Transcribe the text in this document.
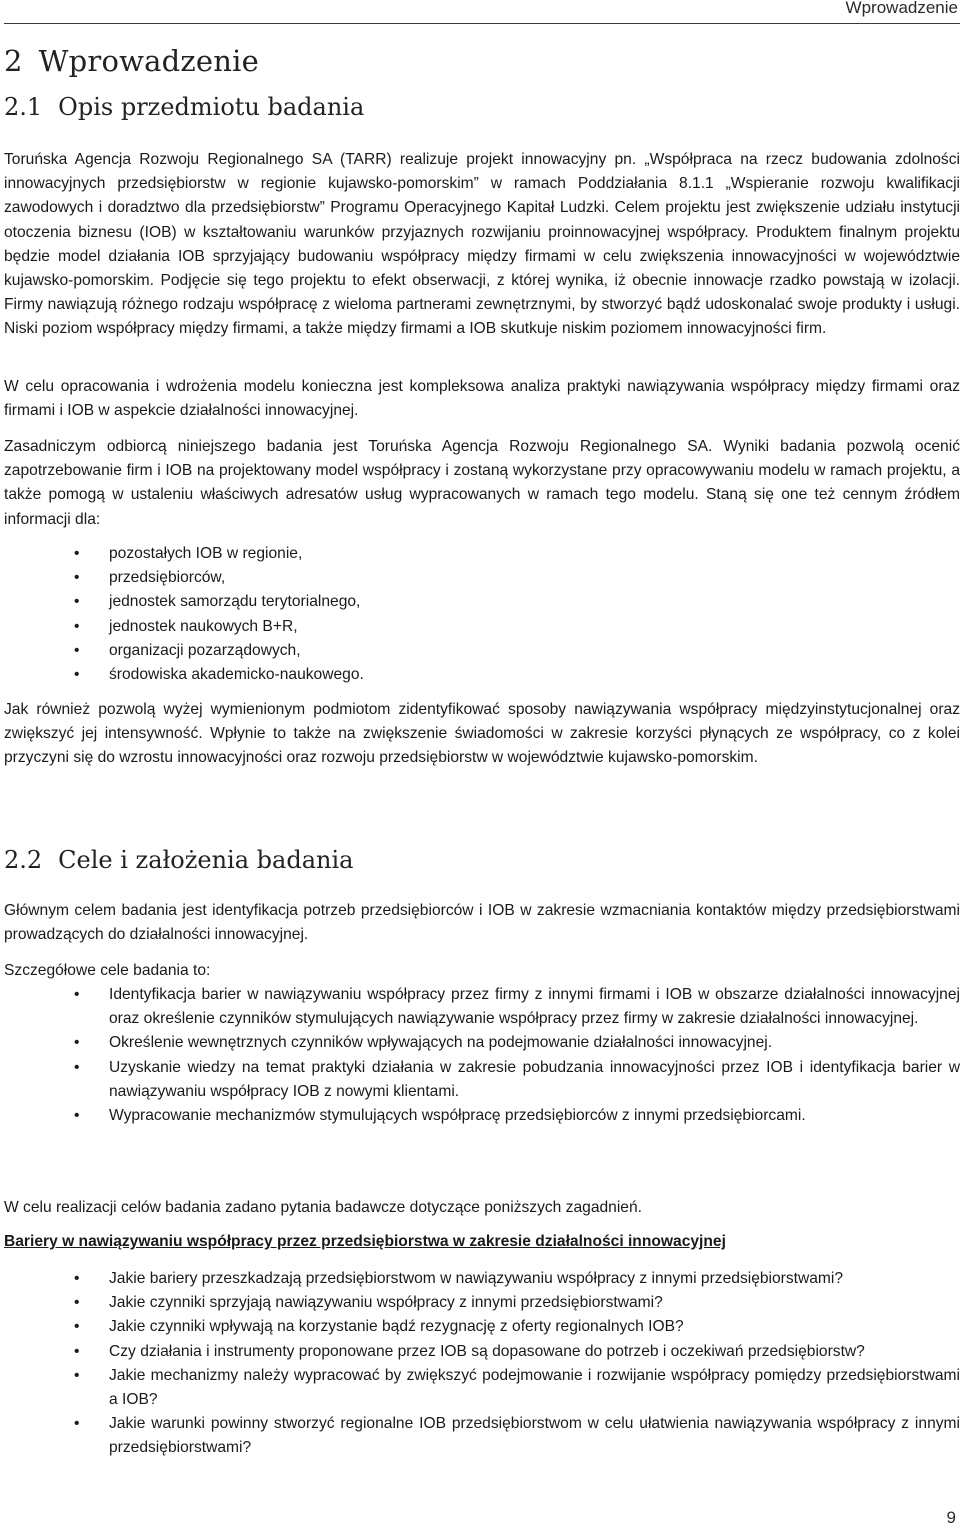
Wprowadzenie
2 Wprowadzenie
2.1 Opis przedmiotu badania

Toruńska Agencja Rozwoju Regionalnego SA (TARR) realizuje projekt innowacyjny pn. „Współpraca na rzecz budowania zdolności innowacyjnych przedsiębiorstw w regionie kujawsko-pomorskim” w ramach Poddziałania 8.1.1 „Wspieranie rozwoju kwalifikacji zawodowych i doradztwo dla przedsiębiorstw” Programu Operacyjnego Kapitał Ludzki. Celem projektu jest zwiększenie udziału instytucji otoczenia biznesu (IOB) w kształtowaniu warunków przyjaznych rozwijaniu proinnowacyjnej współpracy. Produktem finalnym projektu będzie model działania IOB sprzyjający budowaniu współpracy między firmami w celu zwiększenia innowacyjności w województwie kujawsko-pomorskim. Podjęcie się tego projektu to efekt obserwacji, z której wynika, iż obecnie innowacje rzadko powstają w izolacji. Firmy nawiązują różnego rodzaju współpracę z wieloma partnerami zewnętrznymi, by stworzyć bądź udoskonalać swoje produkty i usługi. Niski poziom współpracy między firmami, a także między firmami a IOB skutkuje niskim poziomem innowacyjności firm.

W celu opracowania i wdrożenia modelu konieczna jest kompleksowa analiza praktyki nawiązywania współpracy między firmami oraz firmami i IOB w aspekcie działalności innowacyjnej.

Zasadniczym odbiorcą niniejszego badania jest Toruńska Agencja Rozwoju Regionalnego SA. Wyniki badania pozwolą ocenić zapotrzebowanie firm i IOB na projektowany model współpracy i zostaną wykorzystane przy opracowywaniu modelu w ramach projektu, a także pomogą w ustaleniu właściwych adresatów usług wypracowanych w ramach tego modelu. Staną się one też cennym źródłem informacji dla:

• pozostałych IOB w regionie,
• przedsiębiorców,
• jednostek samorządu terytorialnego,
• jednostek naukowych B+R,
• organizacji pozarządowych,
• środowiska akademicko-naukowego.

Jak również pozwolą wyżej wymienionym podmiotom zidentyfikować sposoby nawiązywania współpracy międzyinstytucjonalnej oraz zwiększyć jej intensywność. Wpłynie to także na zwiększenie świadomości w zakresie korzyści płynących ze współpracy, co z kolei przyczyni się do wzrostu innowacyjności oraz rozwoju przedsiębiorstw w województwie kujawsko-pomorskim.

2.2 Cele i założenia badania

Głównym celem badania jest identyfikacja potrzeb przedsiębiorców i IOB w zakresie wzmacniania kontaktów między przedsiębiorstwami prowadzących do działalności innowacyjnej.

Szczegółowe cele badania to:

• Identyfikacja barier w nawiązywaniu współpracy przez firmy z innymi firmami i IOB w obszarze działalności innowacyjnej oraz określenie czynników stymulujących nawiązywanie współpracy przez firmy w zakresie działalności innowacyjnej.
• Określenie wewnętrznych czynników wpływających na podejmowanie działalności innowacyjnej.
• Uzyskanie wiedzy na temat praktyki działania w zakresie pobudzania innowacyjności przez IOB i identyfikacja barier w nawiązywaniu współpracy IOB z nowymi klientami.
• Wypracowanie mechanizmów stymulujących współpracę przedsiębiorców z innymi przedsiębiorcami.

W celu realizacji celów badania zadano pytania badawcze dotyczące poniższych zagadnień.

Bariery w nawiązywaniu współpracy przez przedsiębiorstwa w zakresie działalności innowacyjnej

• Jakie bariery przeszkadzają przedsiębiorstwom w nawiązywaniu współpracy z innymi przedsiębiorstwami?
• Jakie czynniki sprzyjają nawiązywaniu współpracy z innymi przedsiębiorstwami?
• Jakie czynniki wpływają na korzystanie bądź rezygnację z oferty regionalnych IOB?
• Czy działania i instrumenty proponowane przez IOB są dopasowane do potrzeb i oczekiwań przedsiębiorstw?
• Jakie mechanizmy należy wypracować by zwiększyć podejmowanie i rozwijanie współpracy pomiędzy przedsiębiorstwami a IOB?
• Jakie warunki powinny stworzyć regionalne IOB przedsiębiorstwom w celu ułatwienia nawiązywania współpracy z innymi przedsiębiorstwami?
9
